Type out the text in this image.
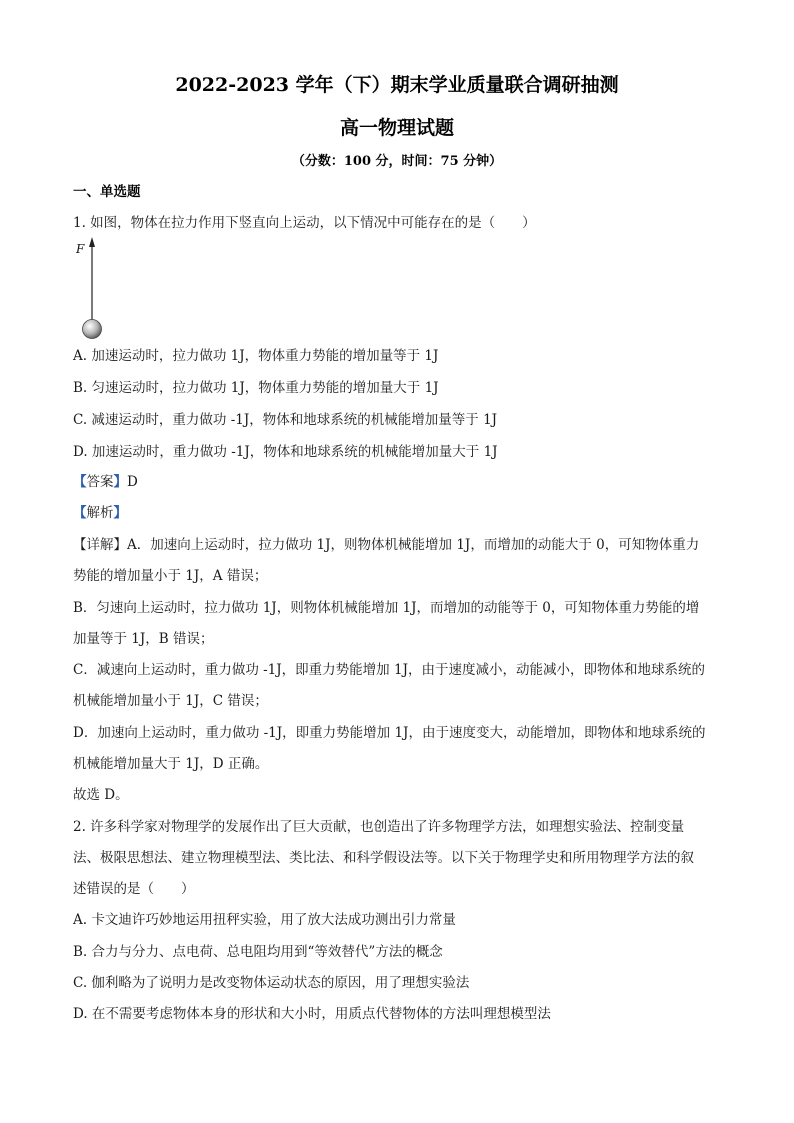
2022-2023 学年（下）期末学业质量联合调研抽测
高一物理试题
（分数：100 分，时间：75 分钟）
一、单选题
1. 如图，物体在拉力作用下竖直向上运动，以下情况中可能存在的是（　　）
F
A. 加速运动时，拉力做功 1J，物体重力势能的增加量等于 1J
B. 匀速运动时，拉力做功 1J，物体重力势能的增加量大于 1J
C. 减速运动时，重力做功 -1J，物体和地球系统的机械能增加量等于 1J
D. 加速运动时，重力做功 -1J，物体和地球系统的机械能增加量大于 1J
【答案】D
【解析】
【详解】A．加速向上运动时，拉力做功 1J，则物体机械能增加 1J，而增加的动能大于 0，可知物体重力
势能的增加量小于 1J，A 错误；
B．匀速向上运动时，拉力做功 1J，则物体机械能增加 1J，而增加的动能等于 0，可知物体重力势能的增
加量等于 1J，B 错误；
C．减速向上运动时，重力做功 -1J，即重力势能增加 1J，由于速度减小，动能减小，即物体和地球系统的
机械能增加量小于 1J，C 错误；
D．加速向上运动时，重力做功 -1J，即重力势能增加 1J，由于速度变大，动能增加，即物体和地球系统的
机械能增加量大于 1J，D 正确。
故选 D。
2. 许多科学家对物理学的发展作出了巨大贡献，也创造出了许多物理学方法，如理想实验法、控制变量
法、极限思想法、建立物理模型法、类比法、和科学假设法等。以下关于物理学史和所用物理学方法的叙
述错误的是（　　）
A. 卡文迪许巧妙地运用扭秤实验，用了放大法成功测出引力常量
B. 合力与分力、点电荷、总电阻均用到“等效替代”方法的概念
C. 伽利略为了说明力是改变物体运动状态的原因，用了理想实验法
D. 在不需要考虑物体本身的形状和大小时，用质点代替物体的方法叫理想模型法
